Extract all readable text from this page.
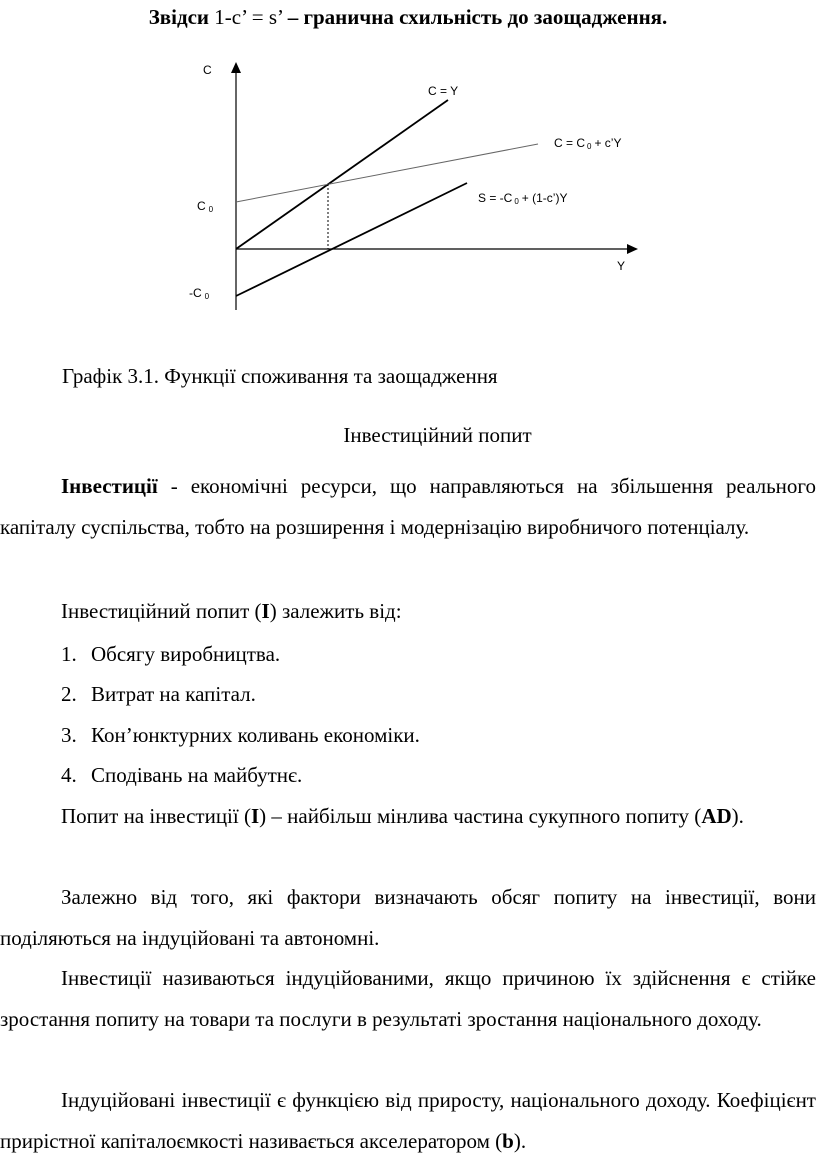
Звідси 1-с’ = s’ – гранична схильність до заощадження.
C
Y
C 0
-C 0
C = Y
C = C 0 + c’Y
S = -C 0 + (1-c’)Y
Графік 3.1. Функції споживання та заощадження
Інвестиційний попит

Інвестиції - економічні ресурси, що направляються на збільшення реального капіталу суспільства, тобто на розширення і модернізацію виробничого потенціалу.

Інвестиційний попит (I) залежить від:

1. Обсягу виробництва.
2. Витрат на капітал.
3. Кон’юнктурних коливань економіки.
4. Сподівань на майбутнє.

Попит на інвестиції (I) – найбільш мінлива частина сукупного попиту (AD).

Залежно від того, які фактори визначають обсяг попиту на інвестиції, вони поділяються на індуційовані та автономні.

Інвестиції називаються індуційованими, якщо причиною їх здійснення є стійке зростання попиту на товари та послуги в результаті зростання національного доходу.

Індуційовані інвестиції є функцією від приросту, національного доходу. Коефіцієнт прирістної капіталоємкості називається акселератором (b).
